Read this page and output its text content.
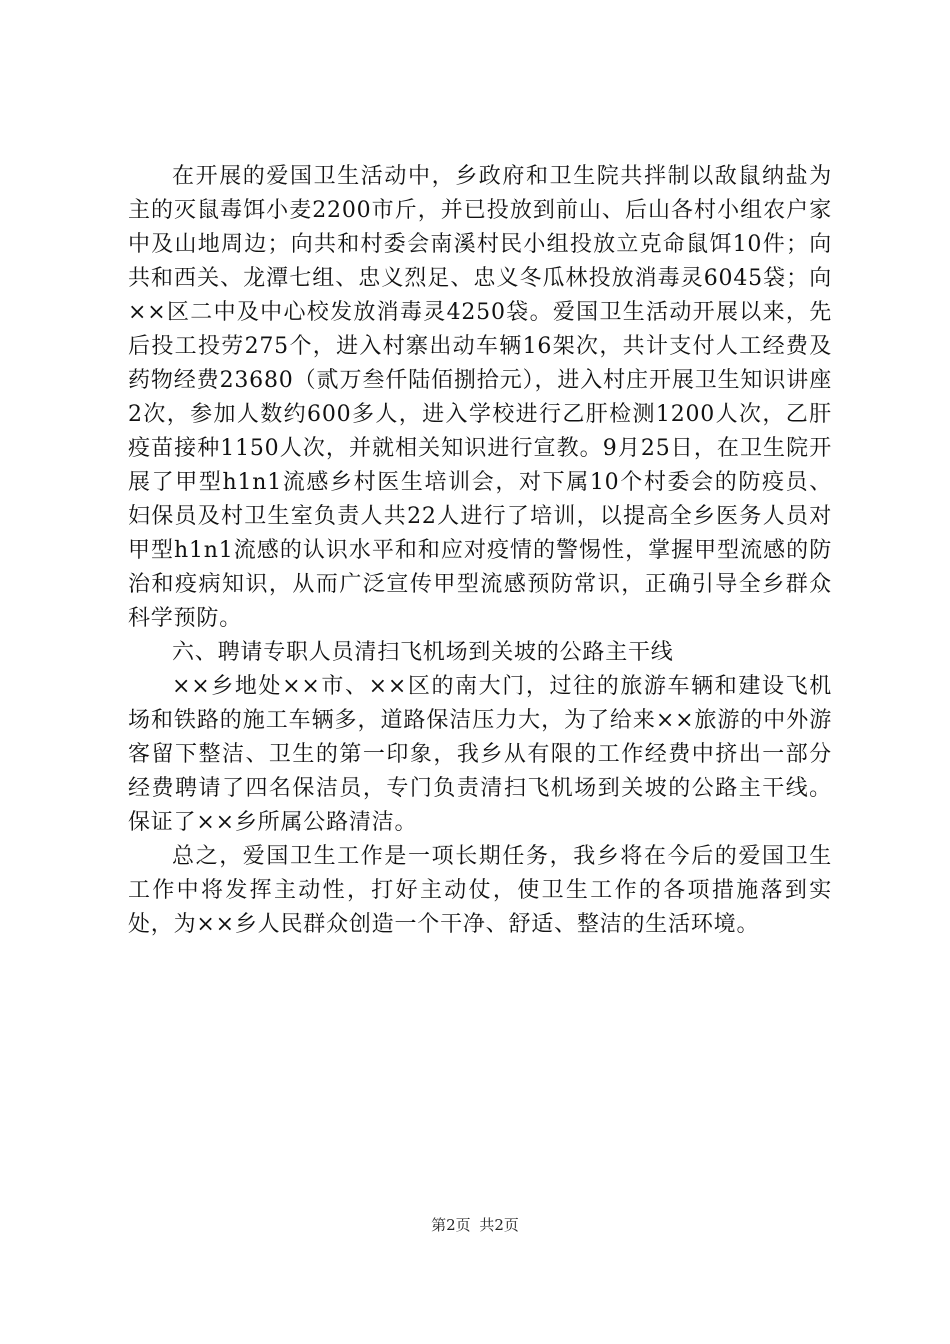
在开展的爱国卫生活动中，乡政府和卫生院共拌制以敌鼠纳盐为主的灭鼠毒饵小麦2200市斤，并已投放到前山、后山各村小组农户家中及山地周边；向共和村委会南溪村民小组投放立克命鼠饵10件；向共和西关、龙潭七组、忠义烈足、忠义冬瓜林投放消毒灵6045袋；向××区二中及中心校发放消毒灵4250袋。爱国卫生活动开展以来，先后投工投劳275个，进入村寨出动车辆16架次，共计支付人工经费及药物经费23680（贰万叁仟陆佰捌拾元），进入村庄开展卫生知识讲座2次，参加人数约600多人，进入学校进行乙肝检测1200人次，乙肝疫苗接种1150人次，并就相关知识进行宣教。9月25日，在卫生院开展了甲型h1n1流感乡村医生培训会，对下属10个村委会的防疫员、妇保员及村卫生室负责人共22人进行了培训，以提高全乡医务人员对甲型h1n1流感的认识水平和和应对疫情的警惕性，掌握甲型流感的防治和疫病知识，从而广泛宣传甲型流感预防常识，正确引导全乡群众科学预防。

六、聘请专职人员清扫飞机场到关坡的公路主干线

××乡地处××市、××区的南大门，过往的旅游车辆和建设飞机场和铁路的施工车辆多，道路保洁压力大，为了给来××旅游的中外游客留下整洁、卫生的第一印象，我乡从有限的工作经费中挤出一部分经费聘请了四名保洁员，专门负责清扫飞机场到关坡的公路主干线。保证了××乡所属公路清洁。

总之，爱国卫生工作是一项长期任务，我乡将在今后的爱国卫生工作中将发挥主动性，打好主动仗，使卫生工作的各项措施落到实处，为××乡人民群众创造一个干净、舒适、整洁的生活环境。

第2页 共2页
